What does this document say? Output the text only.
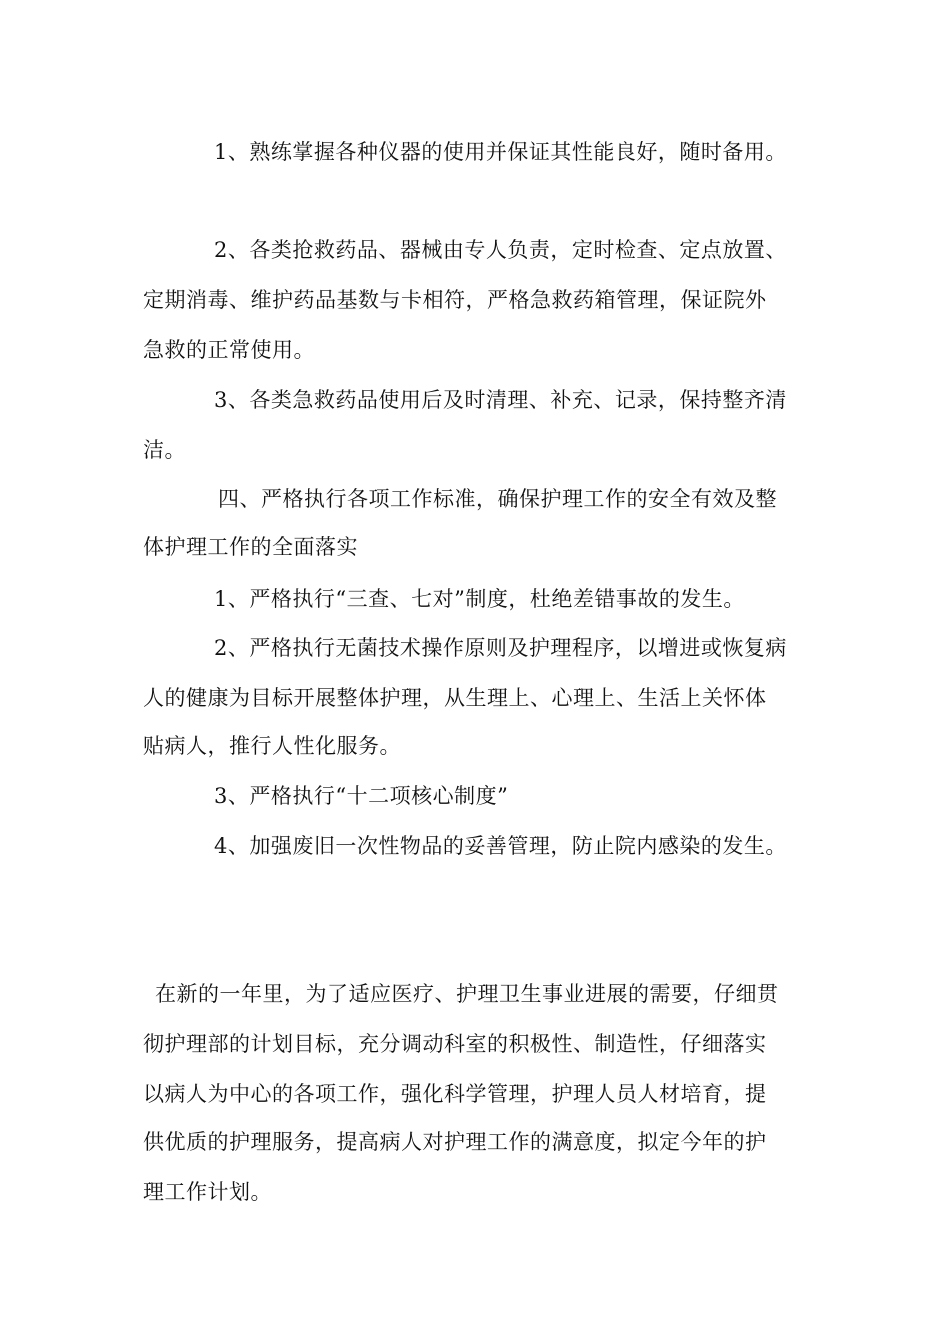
1、熟练掌握各种仪器的使用并保证其性能良好，随时备用。
2、各类抢救药品、器械由专人负责，定时检查、定点放置、
定期消毒、维护药品基数与卡相符，严格急救药箱管理，保证院外
急救的正常使用。
3、各类急救药品使用后及时清理、补充、记录，保持整齐清
洁。
四、严格执行各项工作标准，确保护理工作的安全有效及整
体护理工作的全面落实
1、严格执行“三查、七对”制度，杜绝差错事故的发生。
2、严格执行无菌技术操作原则及护理程序，以增进或恢复病
人的健康为目标开展整体护理，从生理上、心理上、生活上关怀体
贴病人，推行人性化服务。
3、严格执行“十二项核心制度”
4、加强废旧一次性物品的妥善管理，防止院内感染的发生。
在新的一年里，为了适应医疗、护理卫生事业进展的需要，仔细贯
彻护理部的计划目标，充分调动科室的积极性、制造性，仔细落实
以病人为中心的各项工作，强化科学管理，护理人员人材培育，提
供优质的护理服务，提高病人对护理工作的满意度，拟定今年的护
理工作计划。
